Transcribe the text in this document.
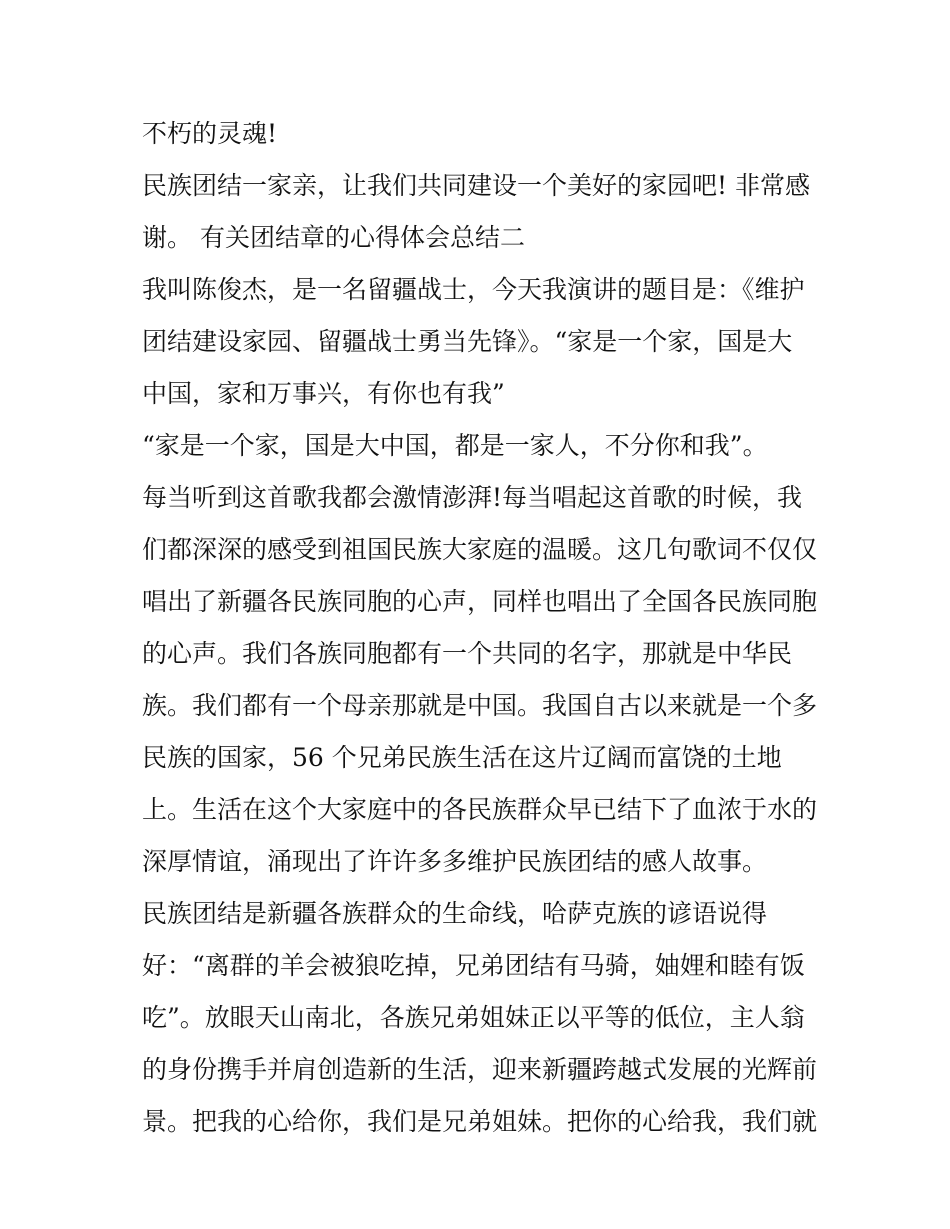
不朽的灵魂!
民族团结一家亲，让我们共同建设一个美好的家园吧! 非常感
谢。 有关团结章的心得体会总结二
我叫陈俊杰，是一名留疆战士，今天我演讲的题目是：《维护
团结建设家园、留疆战士勇当先锋》。“家是一个家，国是大
中国，家和万事兴，有你也有我”
“家是一个家，国是大中国，都是一家人，不分你和我”。
每当听到这首歌我都会激情澎湃!每当唱起这首歌的时候，我
们都深深的感受到祖国民族大家庭的温暖。这几句歌词不仅仅
唱出了新疆各民族同胞的心声，同样也唱出了全国各民族同胞
的心声。我们各族同胞都有一个共同的名字，那就是中华民
族。我们都有一个母亲那就是中国。我国自古以来就是一个多
民族的国家，56 个兄弟民族生活在这片辽阔而富饶的土地
上。生活在这个大家庭中的各民族群众早已结下了血浓于水的
深厚情谊，涌现出了许许多多维护民族团结的感人故事。
民族团结是新疆各族群众的生命线，哈萨克族的谚语说得
好：“离群的羊会被狼吃掉，兄弟团结有马骑，妯娌和睦有饭
吃”。放眼天山南北，各族兄弟姐妹正以平等的低位，主人翁
的身份携手并肩创造新的生活，迎来新疆跨越式发展的光辉前
景。把我的心给你，我们是兄弟姐妹。把你的心给我，我们就
